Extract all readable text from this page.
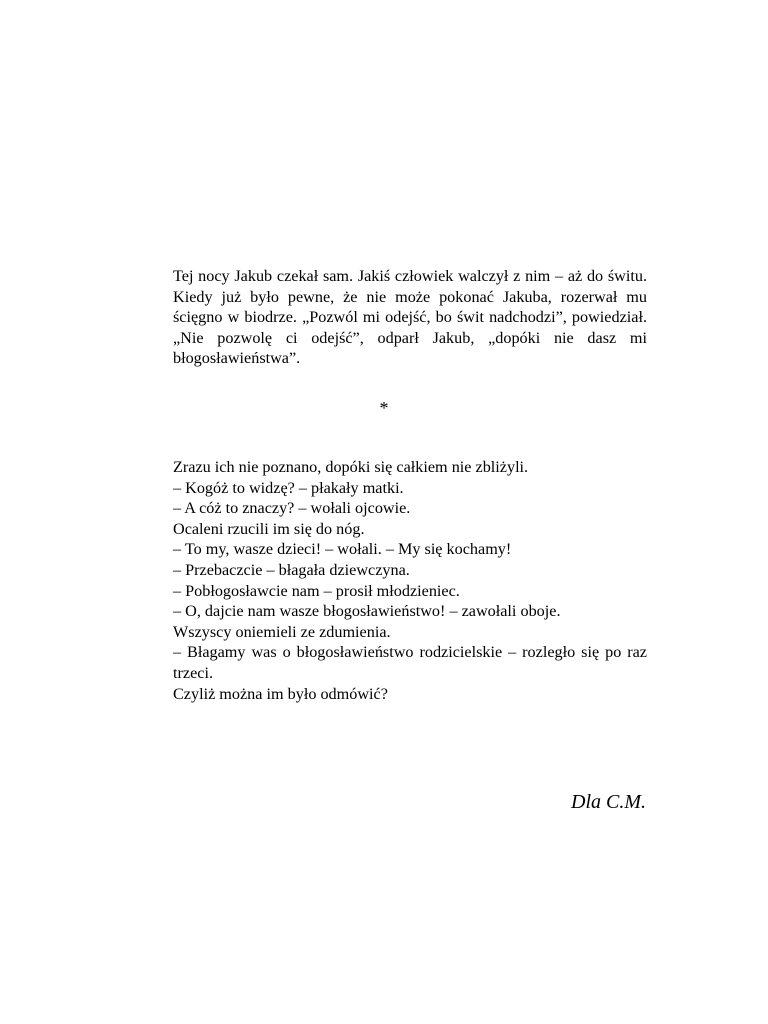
Tej nocy Jakub czekał sam. Jakiś człowiek walczył z nim – aż do świtu. Kiedy już było pewne, że nie może pokonać Jakuba, rozerwał mu ścięgno w biodrze. „Pozwól mi odejść, bo świt nadchodzi”, powiedział. „Nie pozwolę ci odejść”, odparł Jakub, „dopóki nie dasz mi błogosławieństwa”.

*
Zrazu ich nie poznano, dopóki się całkiem nie zbliżyli.
– Kogóż to widzę? – płakały matki.
– A cóż to znaczy? – wołali ojcowie.
Ocaleni rzucili im się do nóg.
– To my, wasze dzieci! – wołali. – My się kochamy!
– Przebaczcie – błagała dziewczyna.
– Pobłogosławcie nam – prosił młodzieniec.
– O, dajcie nam wasze błogosławieństwo! – zawołali oboje.
Wszyscy oniemieli ze zdumienia.
– Błagamy was o błogosławieństwo rodzicielskie – rozległo się po raz trzeci.
Czyliż można im było odmówić?
Dla C.M.
